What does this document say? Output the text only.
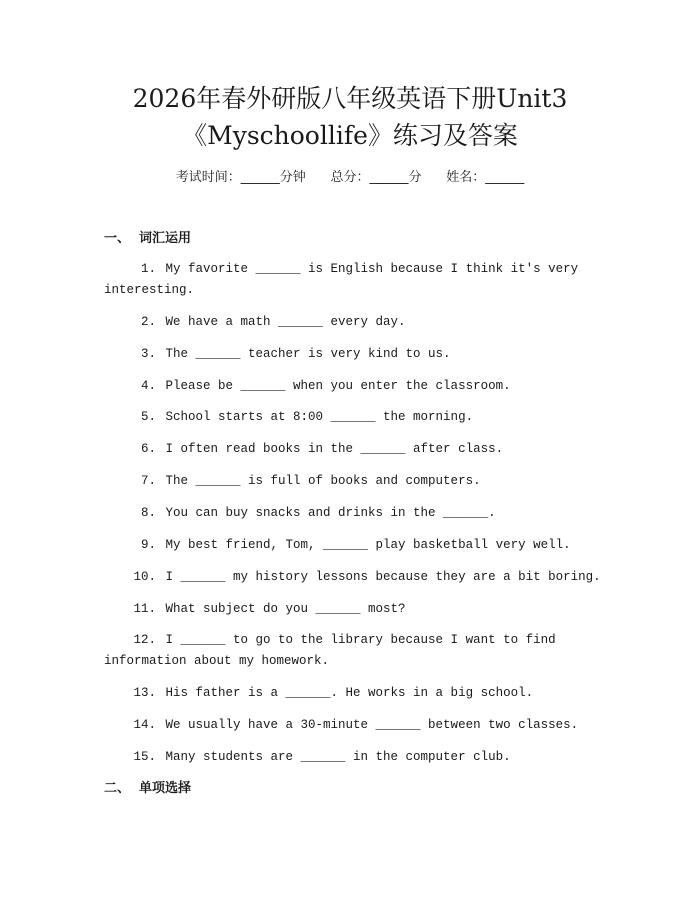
2026年春外研版八年级英语下册Unit3
《Myschoollife》练习及答案
考试时间：______分钟      总分：______分      姓名：______
一、  词汇运用
1. My favorite ______ is English because I think it's very interesting.
2. We have a math ______ every day.
3. The ______ teacher is very kind to us.
4. Please be ______ when you enter the classroom.
5. School starts at 8:00 ______ the morning.
6. I often read books in the ______ after class.
7. The ______ is full of books and computers.
8. You can buy snacks and drinks in the ______.
9. My best friend, Tom, ______ play basketball very well.
10. I ______ my history lessons because they are a bit boring.
11. What subject do you ______ most?
12. I ______ to go to the library because I want to find information about my homework.
13. His father is a ______. He works in a big school.
14. We usually have a 30-minute ______ between two classes.
15. Many students are ______ in the computer club.
二、  单项选择
